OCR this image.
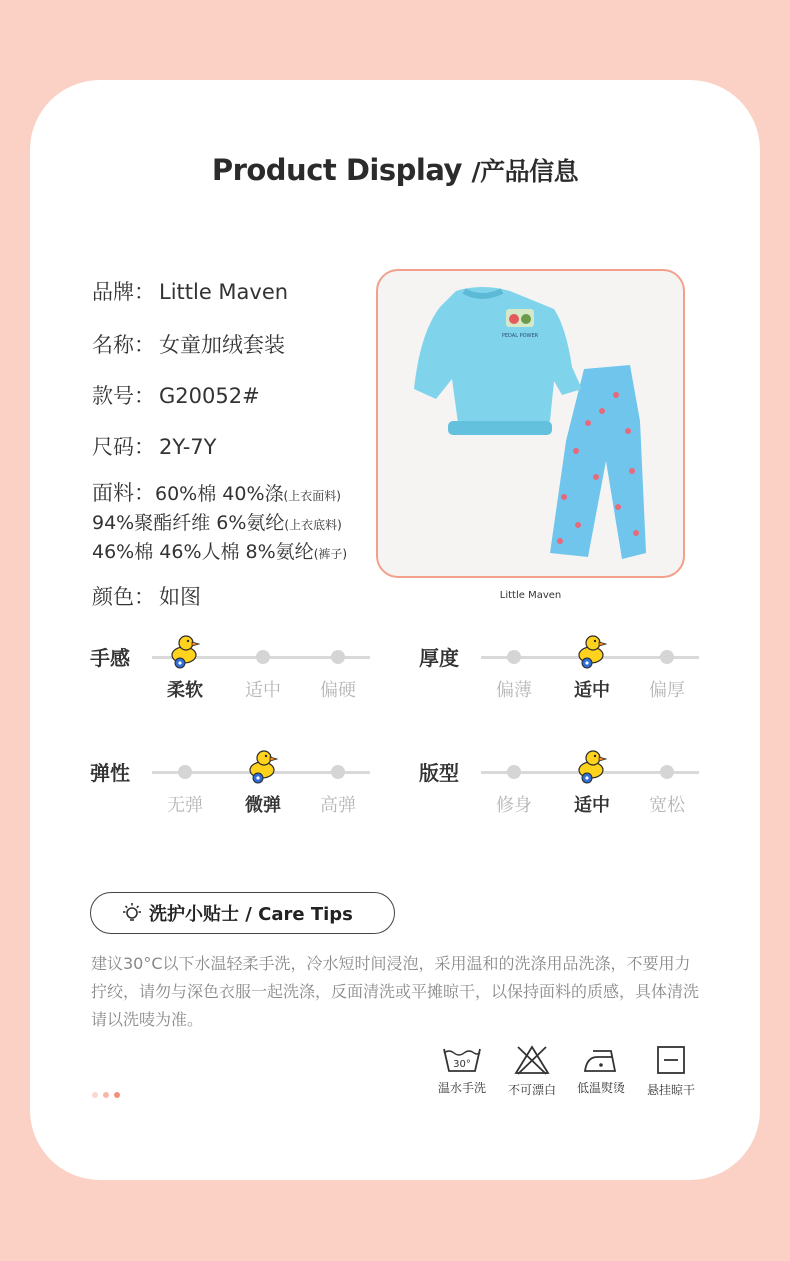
Product Display /产品信息
品牌： Little Maven
名称： 女童加绒套装
款号： G20052#
尺码： 2Y-7Y
面料：60%棉 40%涤(上衣面料)
94%聚酯纤维 6%氨纶(上衣底料)
46%棉 46%人棉 8%氨纶(裤子)
颜色： 如图
PEDAL POWER
Little Maven
手感
柔软	适中	偏硬
厚度
偏薄	适中	偏厚
弹性
无弹	微弹	高弹
版型
修身	适中	宽松
洗护小贴士 / Care Tips
建议30°C以下水温轻柔手洗，冷水短时间浸泡，采用温和的洗涤用品洗涤，不要用力拧绞，请勿与深色衣服一起洗涤，反面清洗或平摊晾干，以保持面料的质感，具体清洗请以洗唛为准。
30°
温水手洗	不可漂白	低温熨烫	悬挂晾干
